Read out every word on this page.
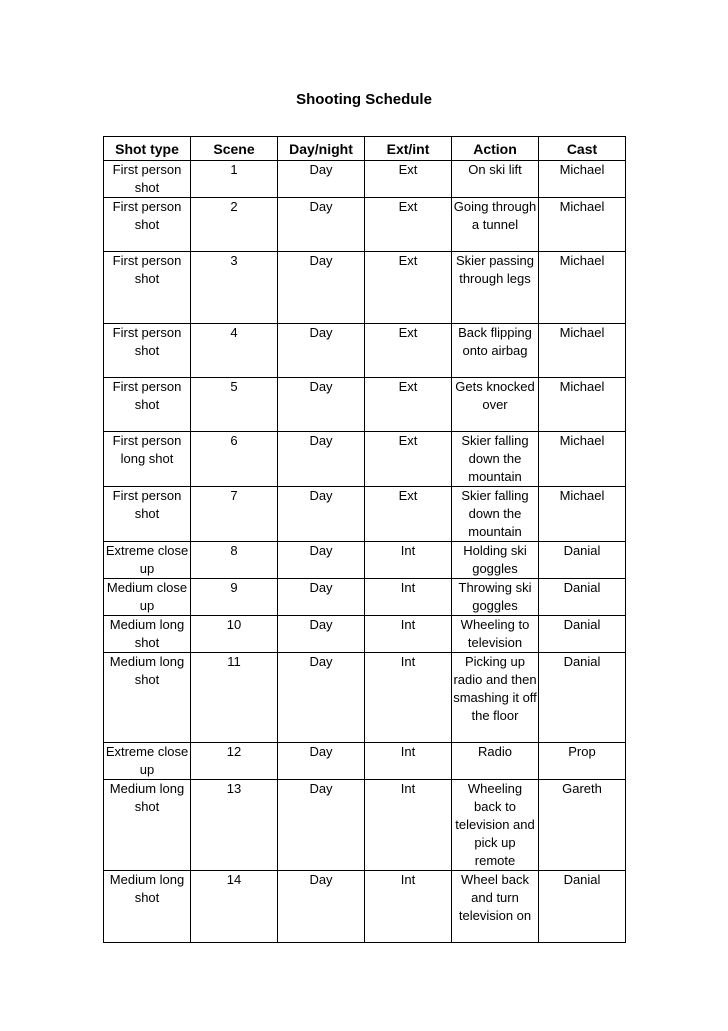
Shooting Schedule
Shot type	Scene	Day/night	Ext/int	Action	Cast
First person shot	1	Day	Ext	On ski lift	Michael
First person shot	2	Day	Ext	Going through a tunnel	Michael
First person shot	3	Day	Ext	Skier passing through legs	Michael
First person shot	4	Day	Ext	Back flipping onto airbag	Michael
First person shot	5	Day	Ext	Gets knocked over	Michael
First person long shot	6	Day	Ext	Skier falling down the mountain	Michael
First person shot	7	Day	Ext	Skier falling down the mountain	Michael
Extreme close up	8	Day	Int	Holding ski goggles	Danial
Medium close up	9	Day	Int	Throwing ski goggles	Danial
Medium long shot	10	Day	Int	Wheeling to television	Danial
Medium long shot	11	Day	Int	Picking up radio and then smashing it off the floor	Danial
Extreme close up	12	Day	Int	Radio	Prop
Medium long shot	13	Day	Int	Wheeling back to television and pick up remote	Gareth
Medium long shot	14	Day	Int	Wheel back and turn television on	Danial
